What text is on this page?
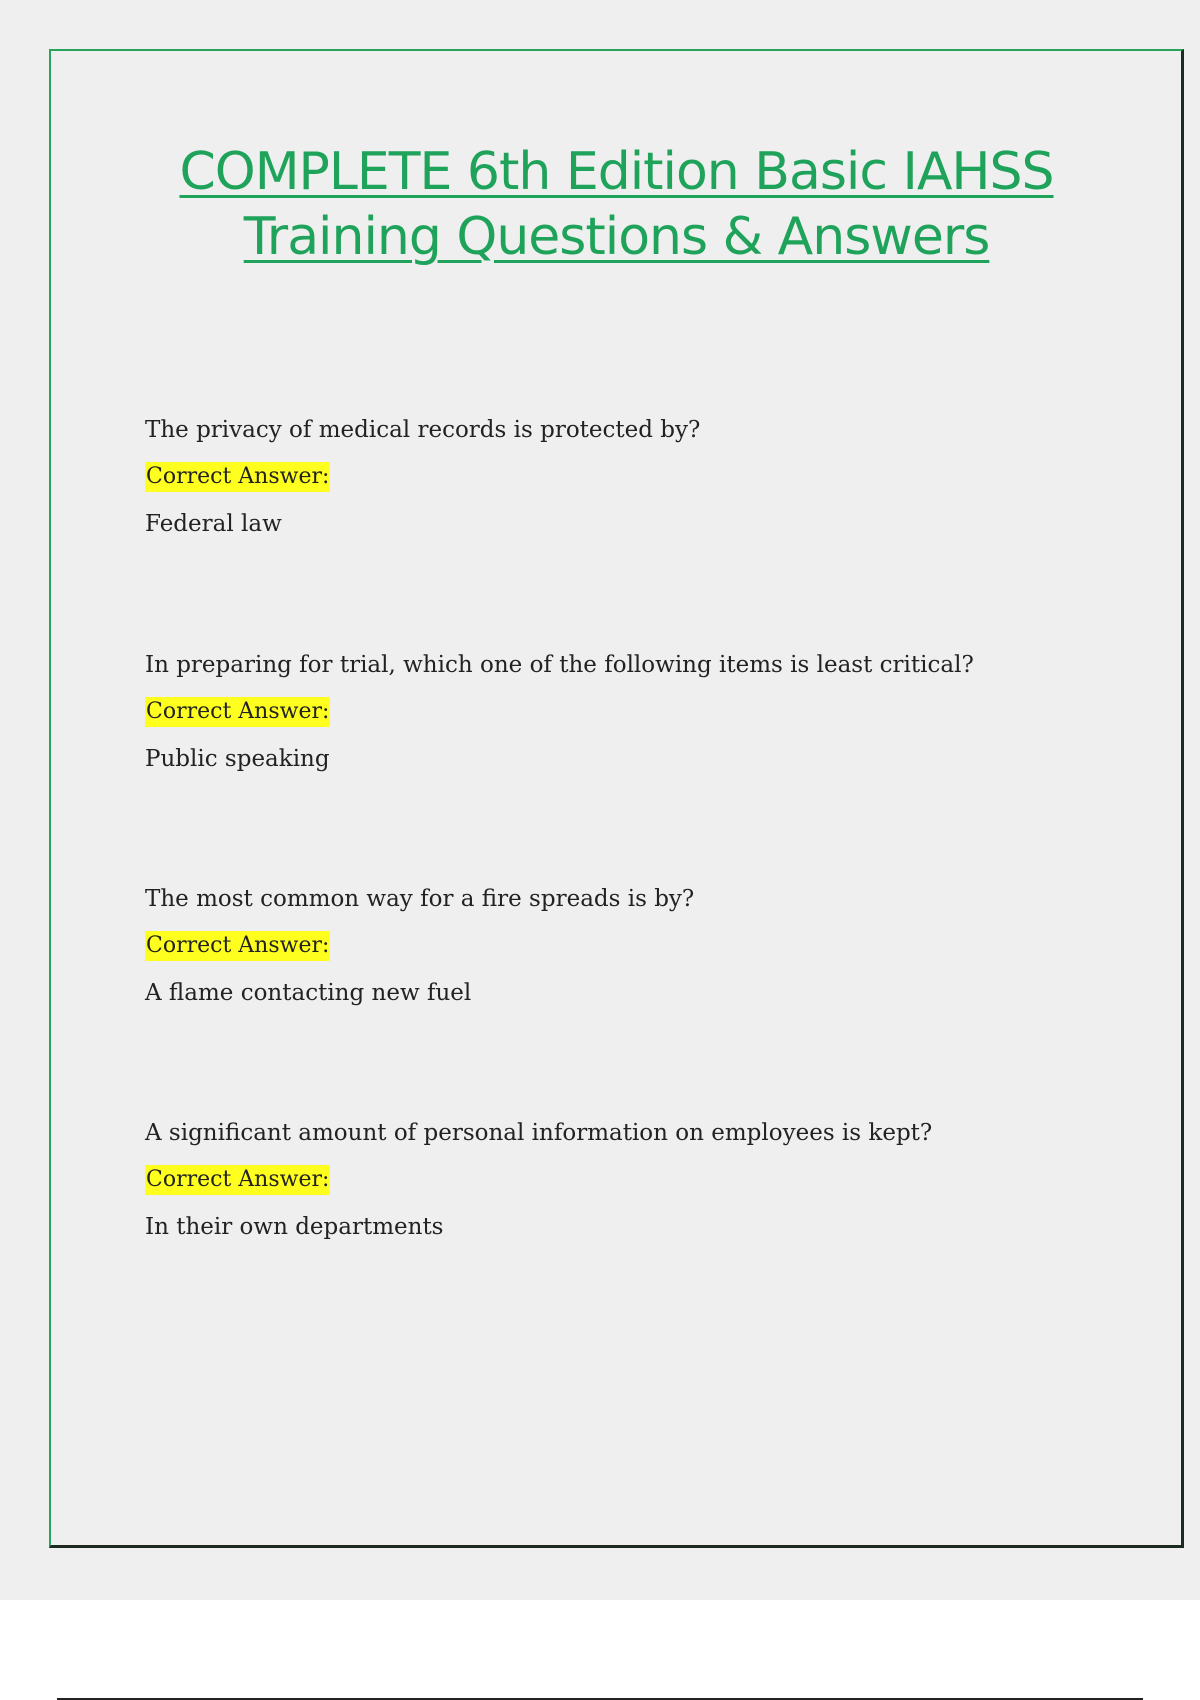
COMPLETE 6th Edition Basic IAHSS
Training Questions & Answers
The privacy of medical records is protected by?
Correct Answer:
Federal law
In preparing for trial, which one of the following items is least critical?
Correct Answer:
Public speaking
The most common way for a fire spreads is by?
Correct Answer:
A flame contacting new fuel
A significant amount of personal information on employees is kept?
Correct Answer:
In their own departments
